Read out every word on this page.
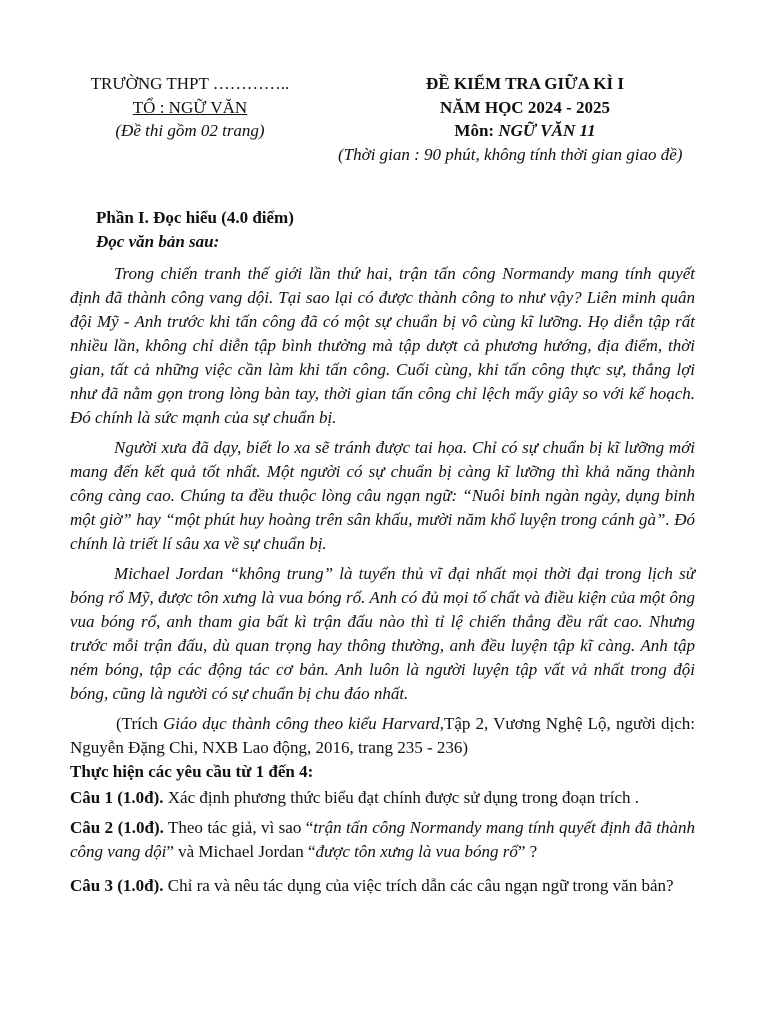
TRƯỜNG THPT …………..
TỔ : NGỮ VĂN
(Đề thi gồm 02 trang)
ĐỀ KIỂM TRA GIỮA KÌ I
NĂM HỌC 2024 - 2025
Môn: NGỮ VĂN 11
(Thời gian : 90 phút, không tính thời gian giao đề)
Phần I. Đọc hiểu (4.0 điểm)
Đọc văn bản sau:
Trong chiến tranh thế giới lần thứ hai, trận tấn công Normandy mang tính quyết định đã thành công vang dội. Tại sao lại có được thành công to như vậy? Liên minh quân đội Mỹ - Anh trước khi tấn công đã có một sự chuẩn bị vô cùng kĩ lưỡng. Họ diễn tập rất nhiều lần, không chỉ diễn tập bình thường mà tập dượt cả phương hướng, địa điểm, thời gian, tất cả những việc cần làm khi tấn công. Cuối cùng, khi tấn công thực sự, thắng lợi như đã nằm gọn trong lòng bàn tay, thời gian tấn công chỉ lệch mấy giây so với kế hoạch. Đó chính là sức mạnh của sự chuẩn bị.
Người xưa đã dạy, biết lo xa sẽ tránh được tai họa. Chỉ có sự chuẩn bị kĩ lưỡng mới mang đến kết quả tốt nhất. Một người có sự chuẩn bị càng kĩ lưỡng thì khả năng thành công càng cao. Chúng ta đều thuộc lòng câu ngạn ngữ: “Nuôi binh ngàn ngày, dụng binh một giờ” hay “một phút huy hoàng trên sân khấu, mười năm khổ luyện trong cánh gà”. Đó chính là triết lí sâu xa về sự chuẩn bị.
Michael Jordan “không trung” là tuyển thủ vĩ đại nhất mọi thời đại trong lịch sử bóng rổ Mỹ, được tôn xưng là vua bóng rổ. Anh có đủ mọi tố chất và điều kiện của một ông vua bóng rổ, anh tham gia bất kì trận đấu nào thì tỉ lệ chiến thắng đều rất cao. Nhưng trước mỗi trận đấu, dù quan trọng hay thông thường, anh đều luyện tập kĩ càng. Anh tập ném bóng, tập các động tác cơ bản. Anh luôn là người luyện tập vất vả nhất trong đội bóng, cũng là người có sự chuẩn bị chu đáo nhất.
(Trích Giáo dục thành công theo kiểu Harvard,Tập 2, Vương Nghệ Lộ, người dịch: Nguyễn Đặng Chi, NXB Lao động, 2016, trang 235 - 236)
Thực hiện các yêu cầu từ 1 đến 4:
Câu 1 (1.0đ). Xác định phương thức biểu đạt chính được sử dụng trong đoạn trích .
Câu 2 (1.0đ). Theo tác giả, vì sao “trận tấn công Normandy mang tính quyết định đã thành công vang dội” và Michael Jordan “được tôn xưng là vua bóng rổ” ?
Câu 3 (1.0đ). Chỉ ra và nêu tác dụng của việc trích dẫn các câu ngạn ngữ trong văn bản?
